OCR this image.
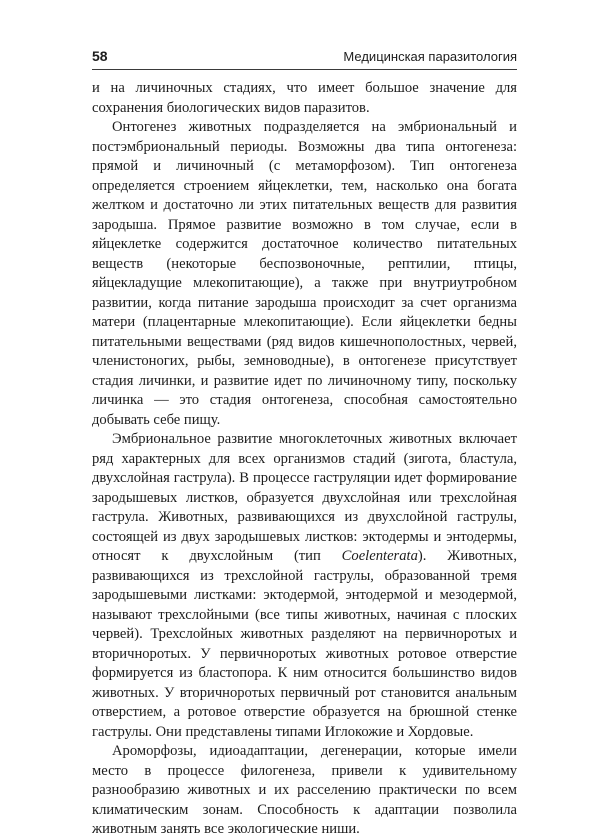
58	Медицинская паразитология

и на личиночных стадиях, что имеет большое значение для сохранения биологических видов паразитов.

Онтогенез животных подразделяется на эмбриональный и постэмбриональный периоды. Возможны два типа онтогенеза: прямой и личиночный (с метаморфозом). Тип онтогенеза определяется строением яйцеклетки, тем, насколько она богата желтком и достаточно ли этих питательных веществ для развития зародыша. Прямое развитие возможно в том случае, если в яйцеклетке содержится достаточное количество питательных веществ (некоторые беспозвоночные, рептилии, птицы, яйцекладущие млекопитающие), а также при внутриутробном развитии, когда питание зародыша происходит за счет организма матери (плацентарные млекопитающие). Если яйцеклетки бедны питательными веществами (ряд видов кишечнополостных, червей, членистоногих, рыбы, земноводные), в онтогенезе присутствует стадия личинки, и развитие идет по личиночному типу, поскольку личинка — это стадия онтогенеза, способная самостоятельно добывать себе пищу.

Эмбриональное развитие многоклеточных животных включает ряд характерных для всех организмов стадий (зигота, бластула, двухслойная гаструла). В процессе гаструляции идет формирование зародышевых листков, образуется двухслойная или трехслойная гаструла. Животных, развивающихся из двухслойной гаструлы, состоящей из двух зародышевых листков: эктодермы и энтодермы, относят к двухслойным (тип Coelenterata). Животных, развивающихся из трехслойной гаструлы, образованной тремя зародышевыми листками: эктодермой, энтодермой и мезодермой, называют трехслойными (все типы животных, начиная с плоских червей). Трехслойных животных разделяют на первичноротых и вторичноротых. У первичноротых животных ротовое отверстие формируется из бластопора. К ним относится большинство видов животных. У вторичноротых первичный рот становится анальным отверстием, а ротовое отверстие образуется на брюшной стенке гаструлы. Они представлены типами Иглокожие и Хордовые.

Ароморфозы, идиоадаптации, дегенерации, которые имели место в процессе филогенеза, привели к удивительному разнообразию животных и их расселению практически по всем климатическим зонам. Способность к адаптации позволила животным занять все экологические ниши.
